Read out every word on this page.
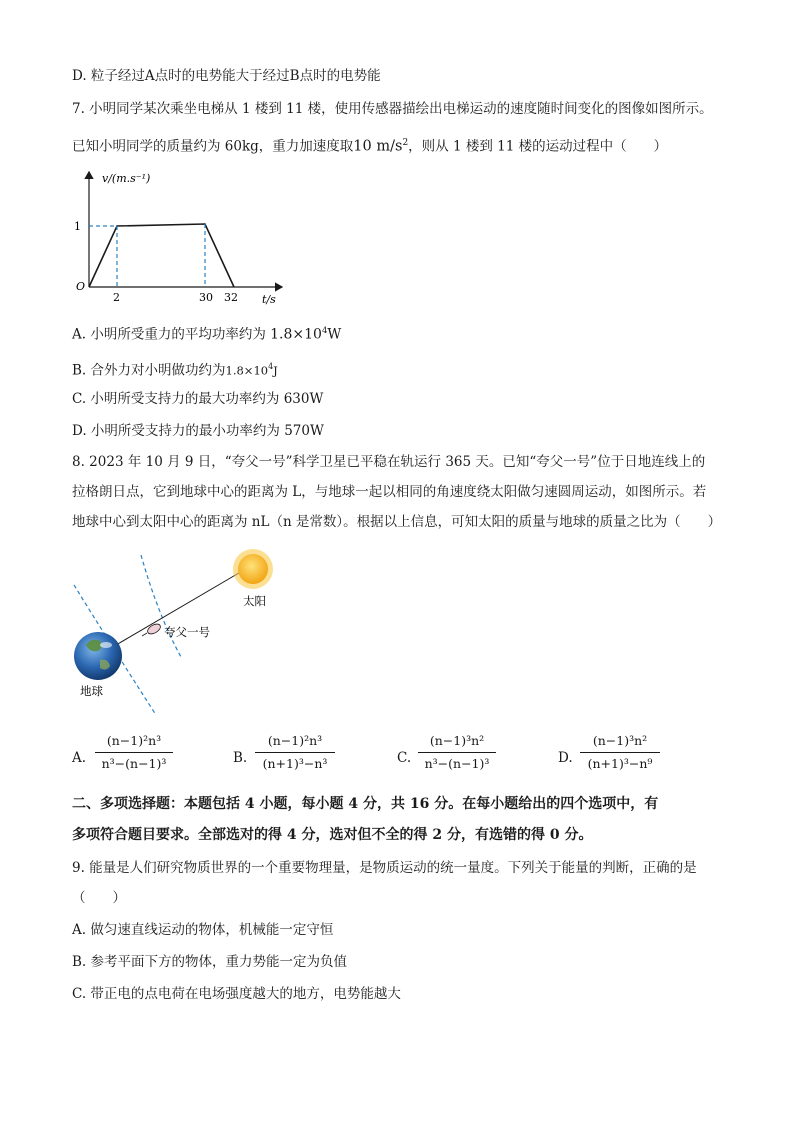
D. 粒子经过A点时的电势能大于经过B点时的电势能
7. 小明同学某次乘坐电梯从 1 楼到 11 楼，使用传感器描绘出电梯运动的速度随时间变化的图像如图所示。
已知小明同学的质量约为 60kg，重力加速度取10 $m/s^2$，则从 1 楼到 11 楼的运动过程中（　　）
v/(m.s⁻¹)
1
O
2	30 32 t/s
A. 小明所受重力的平均功率约为 $1.8\times 10^4W$
B. 合外力对小明做功约为$1.8\times 10^4J$
C. 小明所受支持力的最大功率约为 630W
D. 小明所受支持力的最小功率约为 570W
8. 2023 年 10 月 9 日，“夸父一号”科学卫星已平稳在轨运行 365 天。已知“夸父一号”位于日地连线上的
拉格朗日点，它到地球中心的距离为 L，与地球一起以相同的角速度绕太阳做匀速圆周运动，如图所示。若
地球中心到太阳中心的距离为 nL（n 是常数）。根据以上信息，可知太阳的质量与地球的质量之比为（　　）
太阳
夸父一号
地球
A.
(n−1)²n³
n³−(n−1)³	B.
(n−1)²n³
(n+1)³−n³	C.
(n−1)³n²
n³−(n−1)³	D.
(n−1)³n²
(n+1)³−n⁹
二、多项选择题：本题包括 4 小题，每小题 4 分，共 16 分。在每小题给出的四个选项中，有
多项符合题目要求。全部选对的得 4 分，选对但不全的得 2 分，有选错的得 0 分。
9. 能量是人们研究物质世界的一个重要物理量，是物质运动的统一量度。下列关于能量的判断，正确的是
（　　）
A. 做匀速直线运动的物体，机械能一定守恒
B. 参考平面下方的物体，重力势能一定为负值
C. 带正电的点电荷在电场强度越大的地方，电势能越大
